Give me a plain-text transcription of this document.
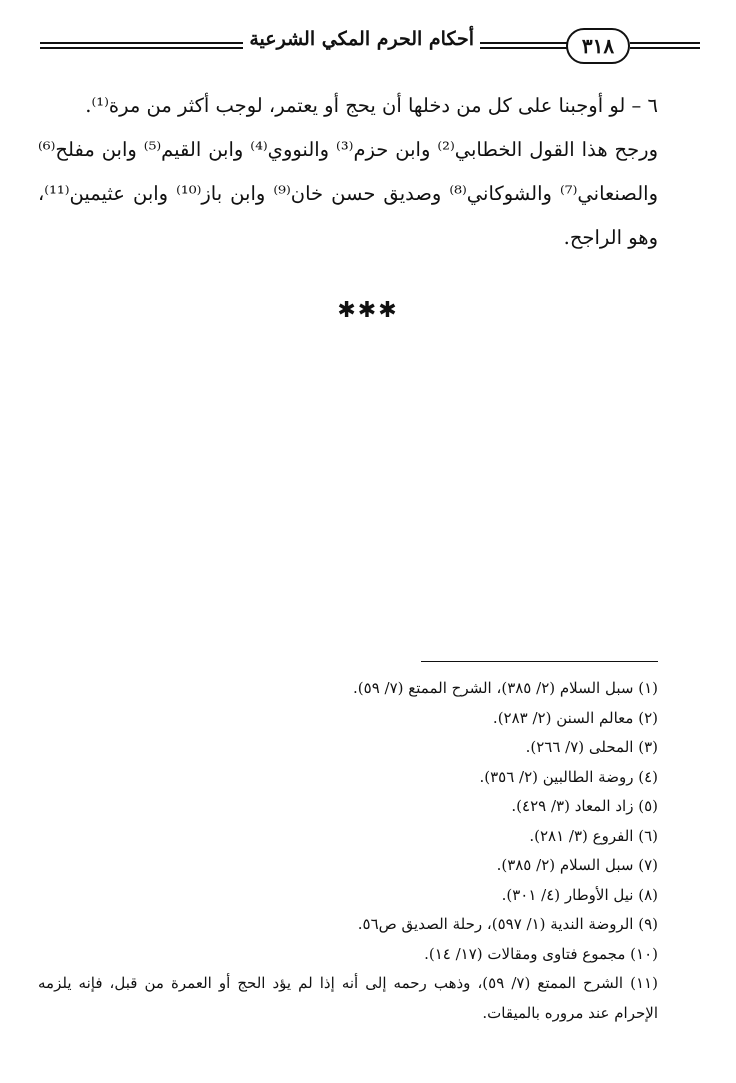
٣١٨
أحكام الحرم المكي الشرعية

٦ – لو أوجبنا على كل من دخلها أن يحج أو يعتمر، لوجب أكثر من مرة⁽¹⁾.

ورجح هذا القول الخطابي⁽²⁾ وابن حزم⁽³⁾ والنووي⁽⁴⁾ وابن القيم⁽⁵⁾ وابن مفلح⁽⁶⁾ والصنعاني⁽⁷⁾ والشوكاني⁽⁸⁾ وصديق حسن خان⁽⁹⁾ وابن باز⁽¹⁰⁾ وابن عثيمين⁽¹¹⁾، وهو الراجح.

✱✱✱

(١) سبل السلام (٢/ ٣٨٥)، الشرح الممتع (٧/ ٥٩).

(٢) معالم السنن (٢/ ٢٨٣).

(٣) المحلى (٧/ ٢٦٦).

(٤) روضة الطالبين (٢/ ٣٥٦).

(٥) زاد المعاد (٣/ ٤٢٩).

(٦) الفروع (٣/ ٢٨١).

(٧) سبل السلام (٢/ ٣٨٥).

(٨) نيل الأوطار (٤/ ٣٠١).

(٩) الروضة الندية (١/ ٥٩٧)، رحلة الصديق ص٥٦.

(١٠) مجموع فتاوى ومقالات (١٧/ ١٤).

(١١) الشرح الممتع (٧/ ٥٩)، وذهب رحمه إلى أنه إذا لم يؤد الحج أو العمرة من قبل، فإنه يلزمه الإحرام عند مروره بالميقات.
